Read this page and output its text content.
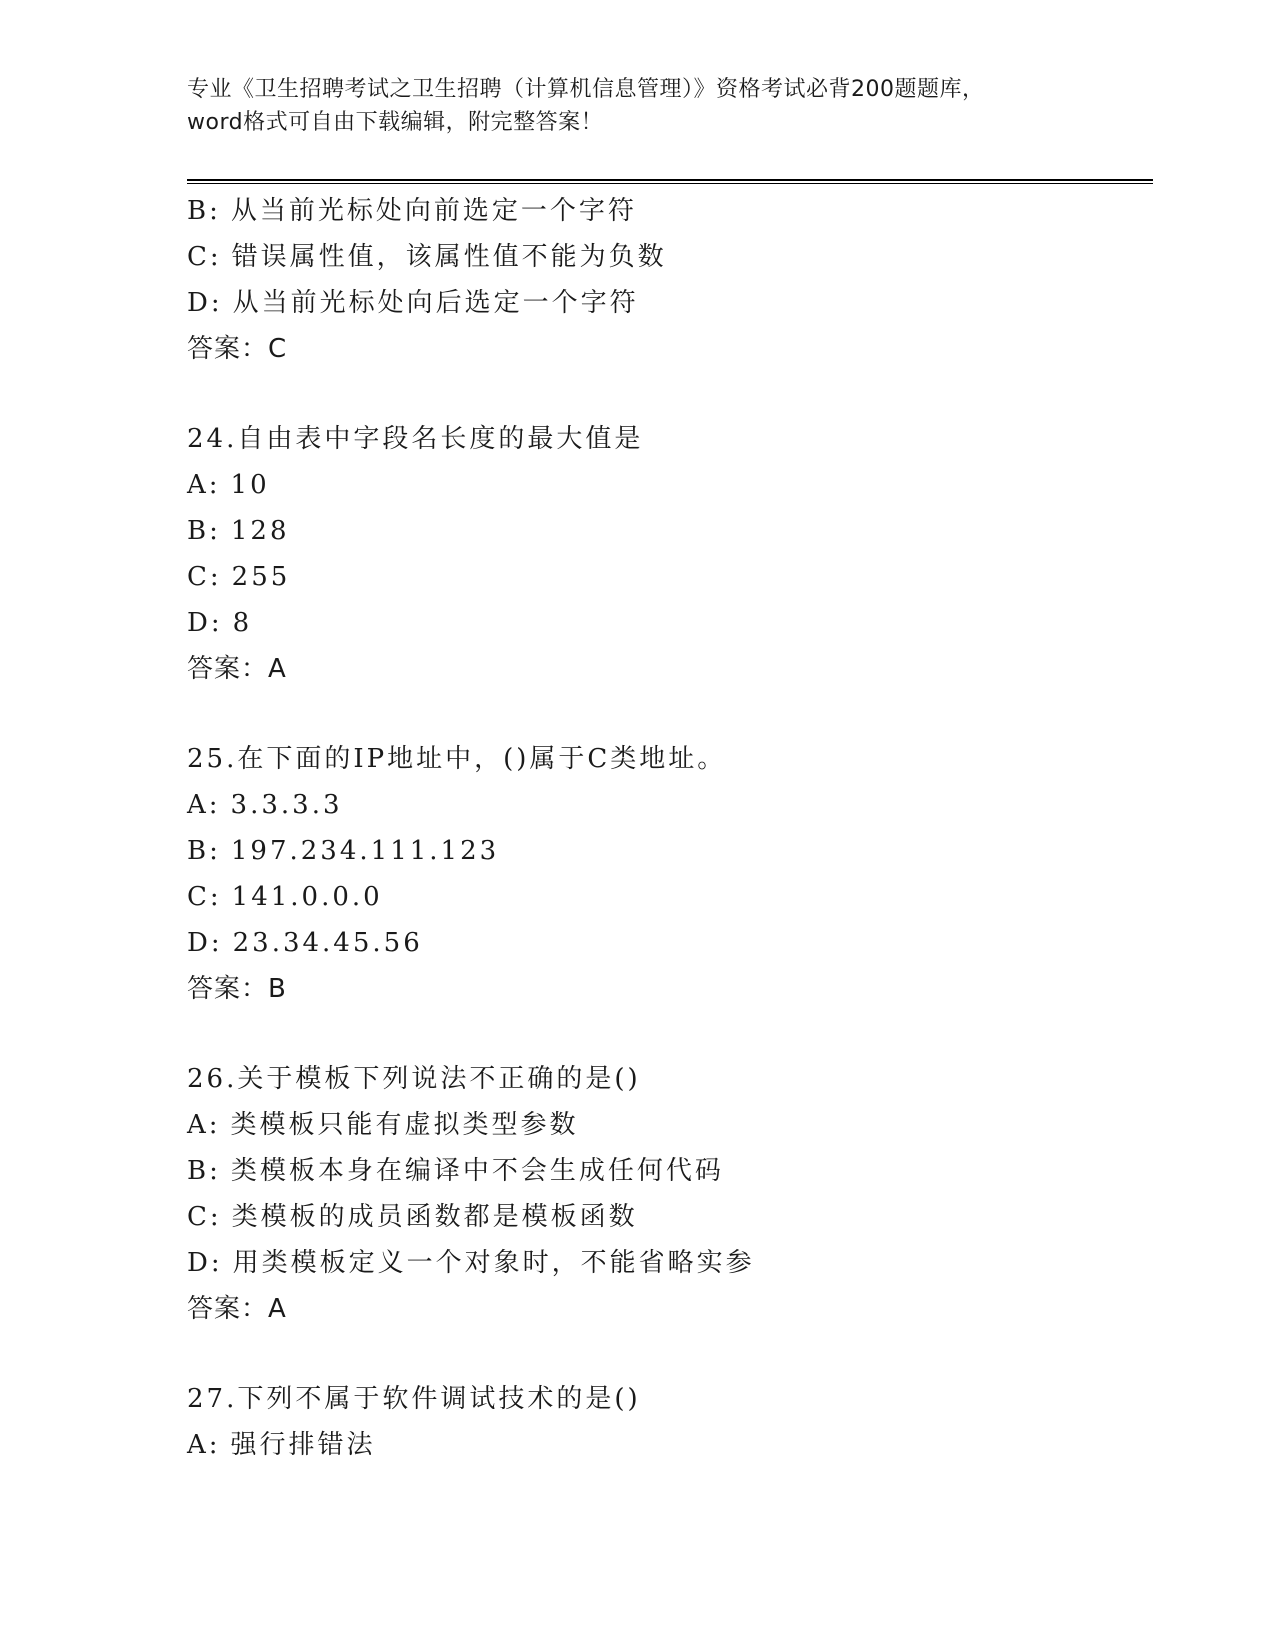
专业《卫生招聘考试之卫生招聘（计算机信息管理）》资格考试必背200题题库，
word格式可自由下载编辑，附完整答案！
B: 从当前光标处向前选定一个字符
C: 错误属性值，该属性值不能为负数
D: 从当前光标处向后选定一个字符
答案：C
24.自由表中字段名长度的最大值是
A: 10
B: 128
C: 255
D: 8
答案：A
25.在下面的IP地址中，()属于C类地址。
A: 3.3.3.3
B: 197.234.111.123
C: 141.0.0.0
D: 23.34.45.56
答案：B
26.关于模板下列说法不正确的是()
A: 类模板只能有虚拟类型参数
B: 类模板本身在编译中不会生成任何代码
C: 类模板的成员函数都是模板函数
D: 用类模板定义一个对象时，不能省略实参
答案：A
27.下列不属于软件调试技术的是()
A: 强行排错法
